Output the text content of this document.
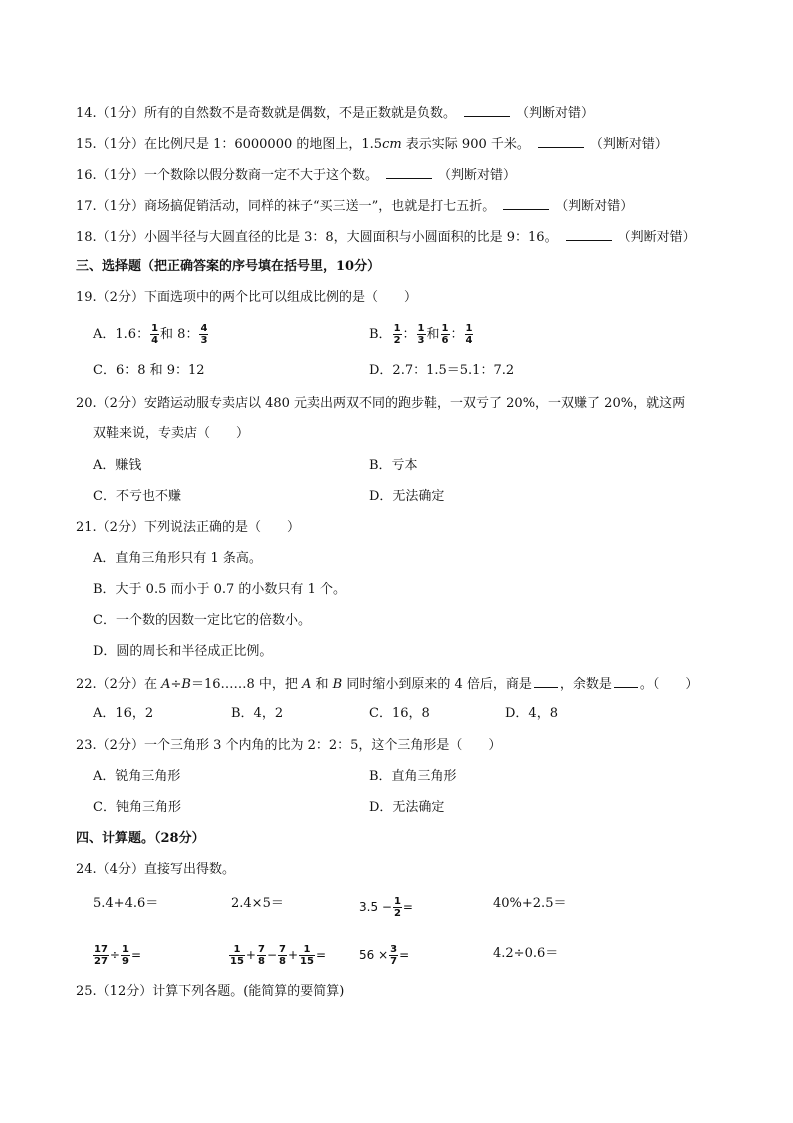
14.（1分）所有的自然数不是奇数就是偶数，不是正数就是负数。	（判断对错）
15.（1分）在比例尺是 1：6000000 的地图上，1.5cm 表示实际 900 千米。	（判断对错）
16.（1分）一个数除以假分数商一定不大于这个数。	（判断对错）
17.（1分）商场搞促销活动，同样的袜子“买三送一”，也就是打七五折。	（判断对错）
18.（1分）小圆半径与大圆直径的比是 3：8，大圆面积与小圆面积的比是 9：16。	（判断对错）
三、选择题（把正确答案的序号填在括号里，10分）
19.（2分）下面选项中的两个比可以组成比例的是（　　）
A．1.6： $\frac{1}{4}$ 和 8： $\frac{4}{3}$	B． $\frac{1}{2}$ ： $\frac{1}{3}$ 和 $\frac{1}{6}$ ： $\frac{1}{4}$
C．6：8 和 9：12	D．2.7：1.5＝5.1：7.2
20.（2分）安踏运动服专卖店以 480 元卖出两双不同的跑步鞋，一双亏了 20%，一双赚了 20%，就这两
双鞋来说，专卖店（　　）
A．赚钱	B．亏本
C．不亏也不赚	D．无法确定
21.（2分）下列说法正确的是（　　）
A．直角三角形只有 1 条高。
B．大于 0.5 而小于 0.7 的小数只有 1 个。
C．一个数的因数一定比它的倍数小。
D．圆的周长和半径成正比例。
22.（2分）在 A÷B＝16……8 中，把 A 和 B 同时缩小到原来的 4 倍后，商是 ，余数是 。（　　）
A．16，2	B．4，2	C．16，8	D．4，8
23.（2分）一个三角形 3 个内角的比为 2：2：5，这个三角形是（　　）
A．锐角三角形	B．直角三角形
C．钝角三角形	D．无法确定
四、计算题。（28分）
24.（4分）直接写出得数。
5.4+4.6＝	2.4×5＝	$3.5 - \frac{1}{2}$ =	40%+2.5＝
$\frac{17}{27} \div \frac{1}{9}$ =	$\frac{1}{15} + \frac{7}{8} - \frac{7}{8} + \frac{1}{15}$ =	$56 \times \frac{3}{7}$ =	4.2÷0.6＝
25.（12分）计算下列各题。(能简算的要简算)
